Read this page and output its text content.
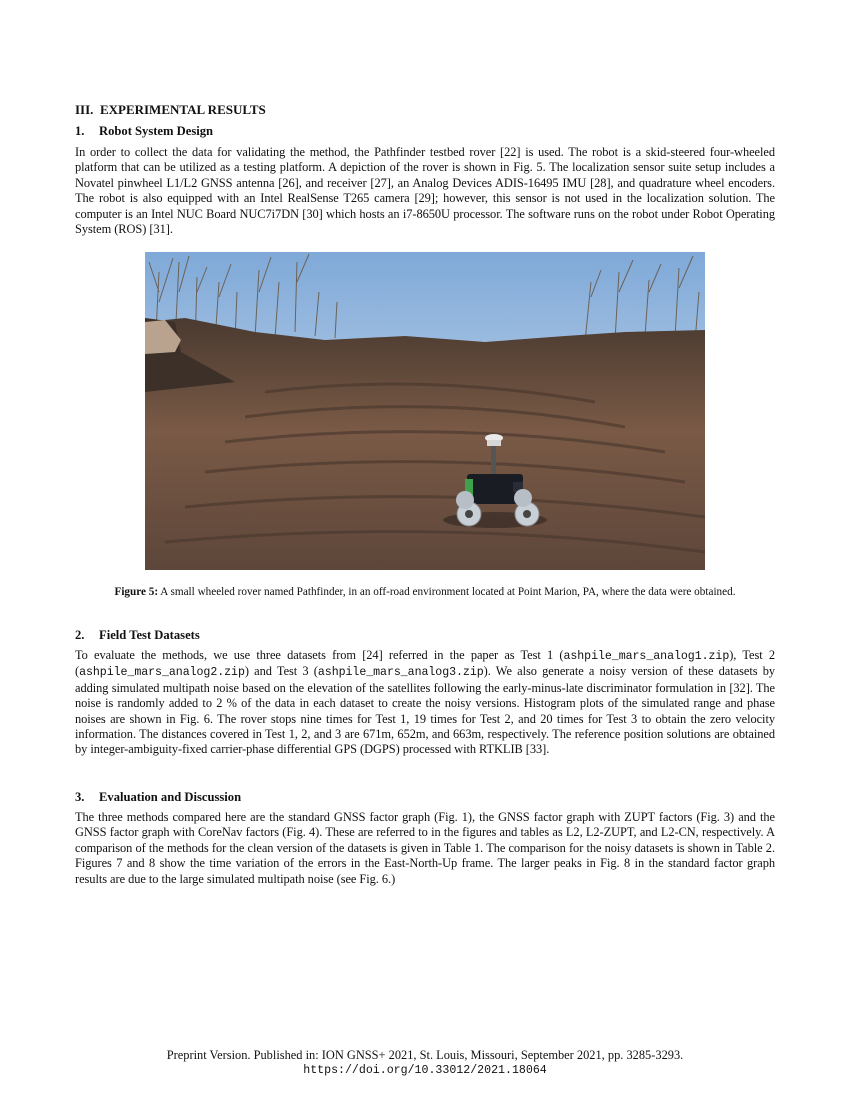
III. EXPERIMENTAL RESULTS
1. Robot System Design

In order to collect the data for validating the method, the Pathfinder testbed rover [22] is used. The robot is a skid-steered four-wheeled platform that can be utilized as a testing platform. A depiction of the rover is shown in Fig. 5. The localization sensor suite setup includes a Novatel pinwheel L1/L2 GNSS antenna [26], and receiver [27], an Analog Devices ADIS-16495 IMU [28], and quadrature wheel encoders. The robot is also equipped with an Intel RealSense T265 camera [29]; however, this sensor is not used in the localization solution. The computer is an Intel NUC Board NUC7i7DN [30] which hosts an i7-8650U processor. The software runs on the robot under Robot Operating System (ROS) [31].

Figure 5: A small wheeled rover named Pathfinder, in an off-road environment located at Point Marion, PA, where the data were obtained.
2. Field Test Datasets

To evaluate the methods, we use three datasets from [24] referred in the paper as Test 1 (ashpile_mars_analog1.zip), Test 2 (ashpile_mars_analog2.zip) and Test 3 (ashpile_mars_analog3.zip). We also generate a noisy version of these datasets by adding simulated multipath noise based on the elevation of the satellites following the early-minus-late discriminator formulation in [32]. The noise is randomly added to 2 % of the data in each dataset to create the noisy versions. Histogram plots of the simulated range and phase noises are shown in Fig. 6. The rover stops nine times for Test 1, 19 times for Test 2, and 20 times for Test 3 to obtain the zero velocity information. The distances covered in Test 1, 2, and 3 are 671m, 652m, and 663m, respectively. The reference position solutions are obtained by integer-ambiguity-fixed carrier-phase differential GPS (DGPS) processed with RTKLIB [33].

3. Evaluation and Discussion

The three methods compared here are the standard GNSS factor graph (Fig. 1), the GNSS factor graph with ZUPT factors (Fig. 3) and the GNSS factor graph with CoreNav factors (Fig. 4). These are referred to in the figures and tables as L2, L2-ZUPT, and L2-CN, respectively. A comparison of the methods for the clean version of the datasets is given in Table 1. The comparison for the noisy datasets is shown in Table 2. Figures 7 and 8 show the time variation of the errors in the East-North-Up frame. The larger peaks in Fig. 8 in the standard factor graph results are due to the large simulated multipath noise (see Fig. 6.)

Preprint Version. Published in: ION GNSS+ 2021, St. Louis, Missouri, September 2021, pp. 3285-3293.
https://doi.org/10.33012/2021.18064
